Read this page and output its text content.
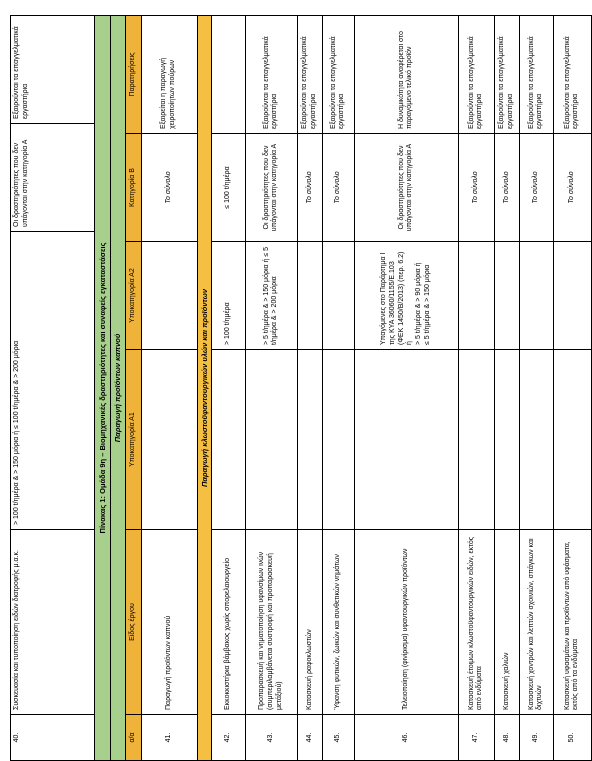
40.	Συσκευασία και τυποποίηση ειδών διατροφής μ.α.κ.	> 100 t/ημέρα & > 150 μόρια ή ≤ 100 t/ημέρα & > 200 μόρια	Οι δραστηριότητες που δεν υπάγονται στην κατηγορία Α	Εξαιρούνται τα επαγγελματικά εργαστήρια
Πίνακας 1: Ομάδα 9η – Βιομηχανικές δραστηριότητες και συναφείς εγκαταστάσεις					
Παραγωγή προϊόντων καπνού					
α/α	Είδος έργου	Υποκατηγορία Α1	Υποκατηγορία Α2	Κατηγορία Β	Παρατηρήσεις
41.	Παραγωγή προϊόντων καπνού			Το σύνολο	Εξαιρείται η παραγωγή χειροποίητων πούρων
Παραγωγή κλωστοϋφαντουργικών υλών και προϊόντων					
42.	Εκκοκκιστήρια βάμβακος χωρίς σπορελαιουργείο		> 100 t/ημέρα	≤ 100 t/ημέρα	
43.	Προπαρασκευή και νηματοποίηση υφανσίμων ινών (συμπεριλαμβάνεται συστροφή και προπαρασκευή μετάξιού)		> 5 t/ημέρα & > 150 μόρια ή ≤ 5 t/ημέρα & > 200 μόρια	Οι δραστηριότητες που δεν υπάγονται στην κατηγορία Α	Εξαιρούνται τα επαγγελματικά εργαστήρια
44.	Κατασκευή ραφοκλωστών			Το σύνολο	Εξαιρούνται τα επαγγελματικά εργαστήρια
45.	Ύφανση φυτικών, ζωικών και συνθετικών νημάτων			Το σύνολο	Εξαιρούνται τα επαγγελματικά εργαστήρια
46.	Τελειοποίηση (φινίρισμα) υφαντουργικών προϊόντων		Υπαγόμενες στο Παράρτημα Ι της ΚΥΑ 36060/1155/Ε.103 (ΦΕΚ 1450/Β/2013) (περ. 6.2) ή
> 5 t/ημέρα & > 90 μόρια ή
≤ 5 t/ημέρα & > 150 μόρια	Οι δραστηριότητες που δεν υπάγονται στην κατηγορία Α	Η δυναμικότητα αναφέρεται στο παραγόμενο τελικό προϊόν
47.	Κατασκευή έτοιμων κλωστοϋφαντουργικών ειδών, εκτός από ενδύματα			Το σύνολο	Εξαιρούνται τα επαγγελματικά εργαστήρια
48.	Κατασκευή χαλιών			Το σύνολο	Εξαιρούνται τα επαγγελματικά εργαστήρια
49.	Κατασκευή χοντρών και λεπτών σχοινιών, σπάγκων και διχτυών			Το σύνολο	Εξαιρούνται τα επαγγελματικά εργαστήρια
50.	Κατασκευή υφασμάτων και προϊόντων από υφάσματα, εκτός από τα ενδύματα			Το σύνολο	Εξαιρούνται τα επαγγελματικά εργαστήρια
